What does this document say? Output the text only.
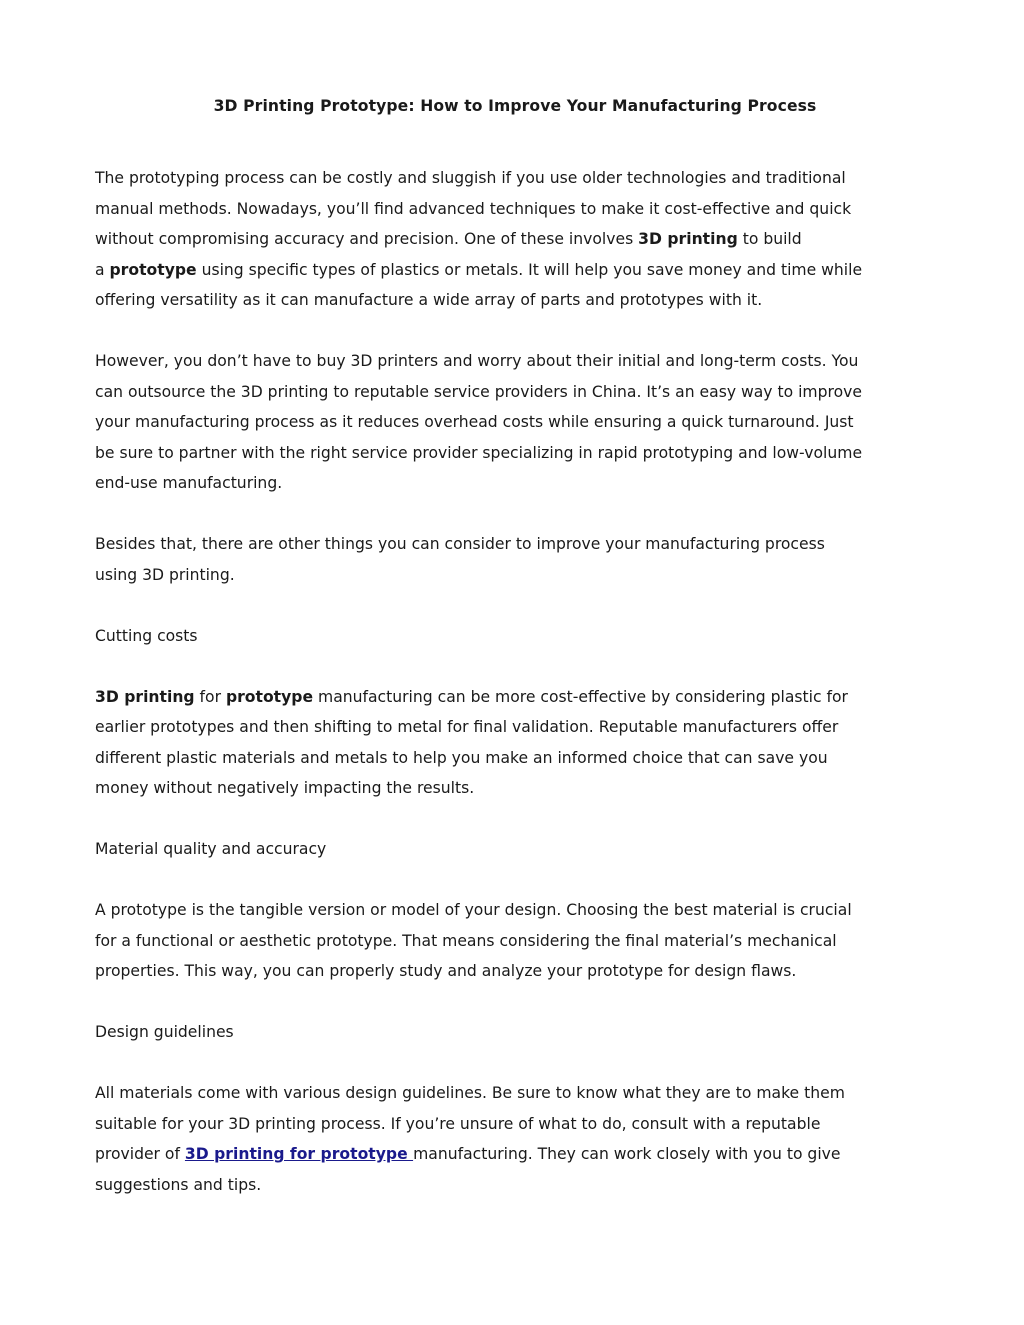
3D Printing Prototype: How to Improve Your Manufacturing Process

The prototyping process can be costly and sluggish if you use older technologies and traditional
manual methods. Nowadays, you’ll find advanced techniques to make it cost-effective and quick
without compromising accuracy and precision. One of these involves 3D printing to build
a prototype using specific types of plastics or metals. It will help you save money and time while
offering versatility as it can manufacture a wide array of parts and prototypes with it.

However, you don’t have to buy 3D printers and worry about their initial and long-term costs. You
can outsource the 3D printing to reputable service providers in China. It’s an easy way to improve
your manufacturing process as it reduces overhead costs while ensuring a quick turnaround. Just
be sure to partner with the right service provider specializing in rapid prototyping and low-volume
end-use manufacturing.

Besides that, there are other things you can consider to improve your manufacturing process
using 3D printing.

Cutting costs

3D printing for prototype manufacturing can be more cost-effective by considering plastic for
earlier prototypes and then shifting to metal for final validation. Reputable manufacturers offer
different plastic materials and metals to help you make an informed choice that can save you
money without negatively impacting the results.

Material quality and accuracy

A prototype is the tangible version or model of your design. Choosing the best material is crucial
for a functional or aesthetic prototype. That means considering the final material’s mechanical
properties. This way, you can properly study and analyze your prototype for design flaws.

Design guidelines

All materials come with various design guidelines. Be sure to know what they are to make them
suitable for your 3D printing process. If you’re unsure of what to do, consult with a reputable
provider of 3D printing for prototype manufacturing. They can work closely with you to give
suggestions and tips.
